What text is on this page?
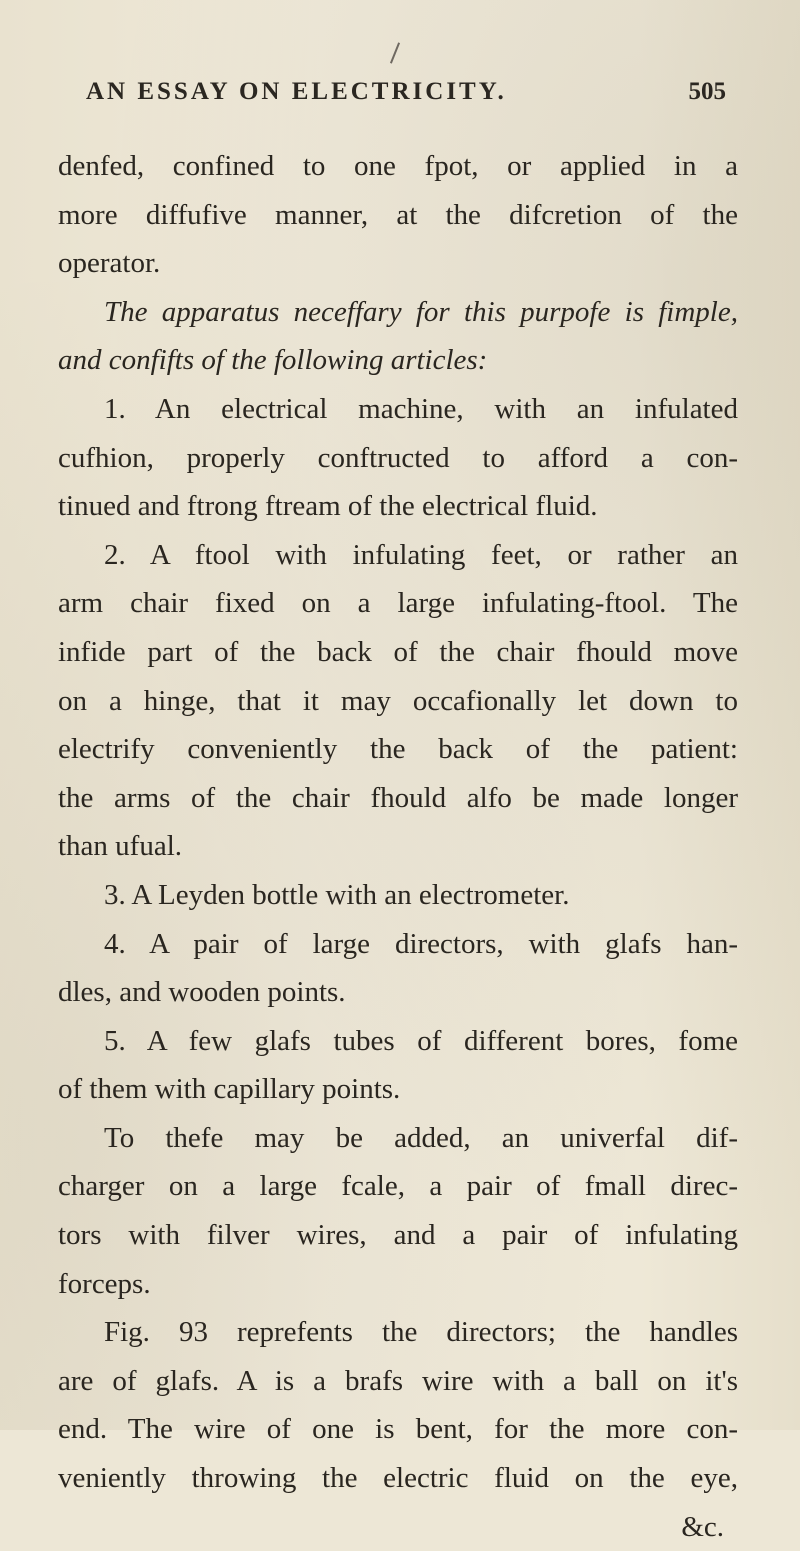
AN ESSAY ON ELECTRICITY.	505
denfed, confined to one fpot, or applied in a
more diffufive manner, at the difcretion of the
operator.
The apparatus neceffary for this purpofe is fimple,
and confifts of the following articles:
1. An electrical machine, with an infulated
cufhion, properly conftructed to afford a con-
tinued and ftrong ftream of the electrical fluid.
2. A ftool with infulating feet, or rather an
arm chair fixed on a large infulating-ftool. The
infide part of the back of the chair fhould move
on a hinge, that it may occafionally let down to
electrify conveniently the back of the patient:
the arms of the chair fhould alfo be made longer
than ufual.
3. A Leyden bottle with an electrometer.
4. A pair of large directors, with glafs han-
dles, and wooden points.
5. A few glafs tubes of different bores, fome
of them with capillary points.
To thefe may be added, an univerfal dif-
charger on a large fcale, a pair of fmall direc-
tors with filver wires, and a pair of infulating
forceps.
Fig. 93 reprefents the directors; the handles
are of glafs. A is a brafs wire with a ball on it's
end. The wire of one is bent, for the more con-
veniently throwing the electric fluid on the eye,
&c.
